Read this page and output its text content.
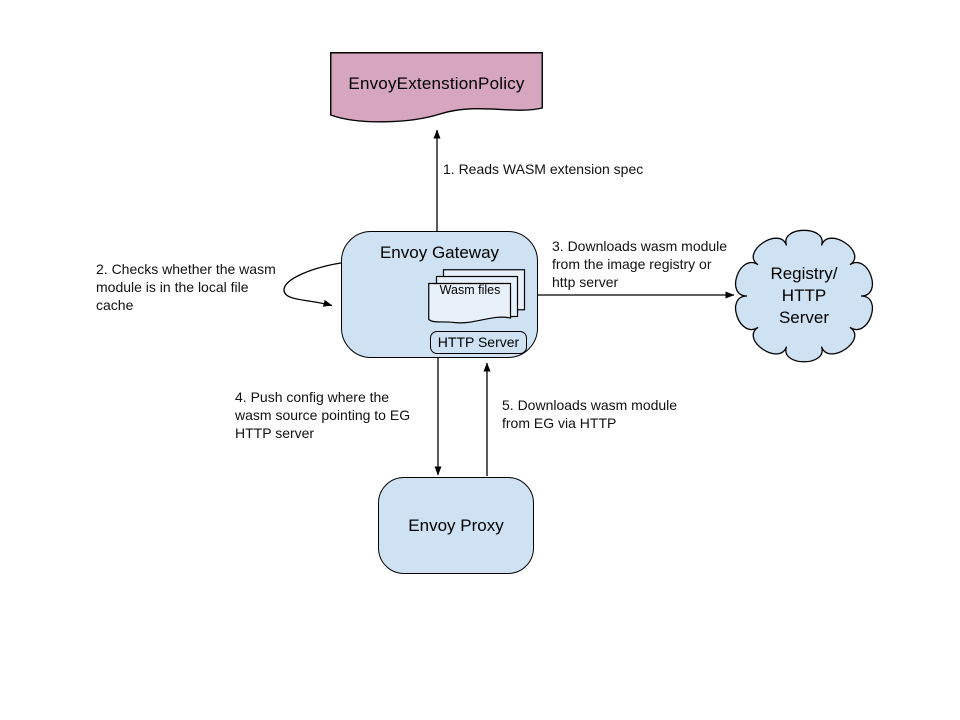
EnvoyExtenstionPolicy
Envoy Gateway
Wasm files
HTTP Server
Registry/
HTTP
Server
Envoy Proxy
1. Reads WASM extension spec
2. Checks whether the wasm
module is in the local file
cache
3. Downloads wasm module
from the image registry or
http server
4. Push config where the
wasm source pointing to EG
HTTP server
5. Downloads wasm module
from EG via HTTP
